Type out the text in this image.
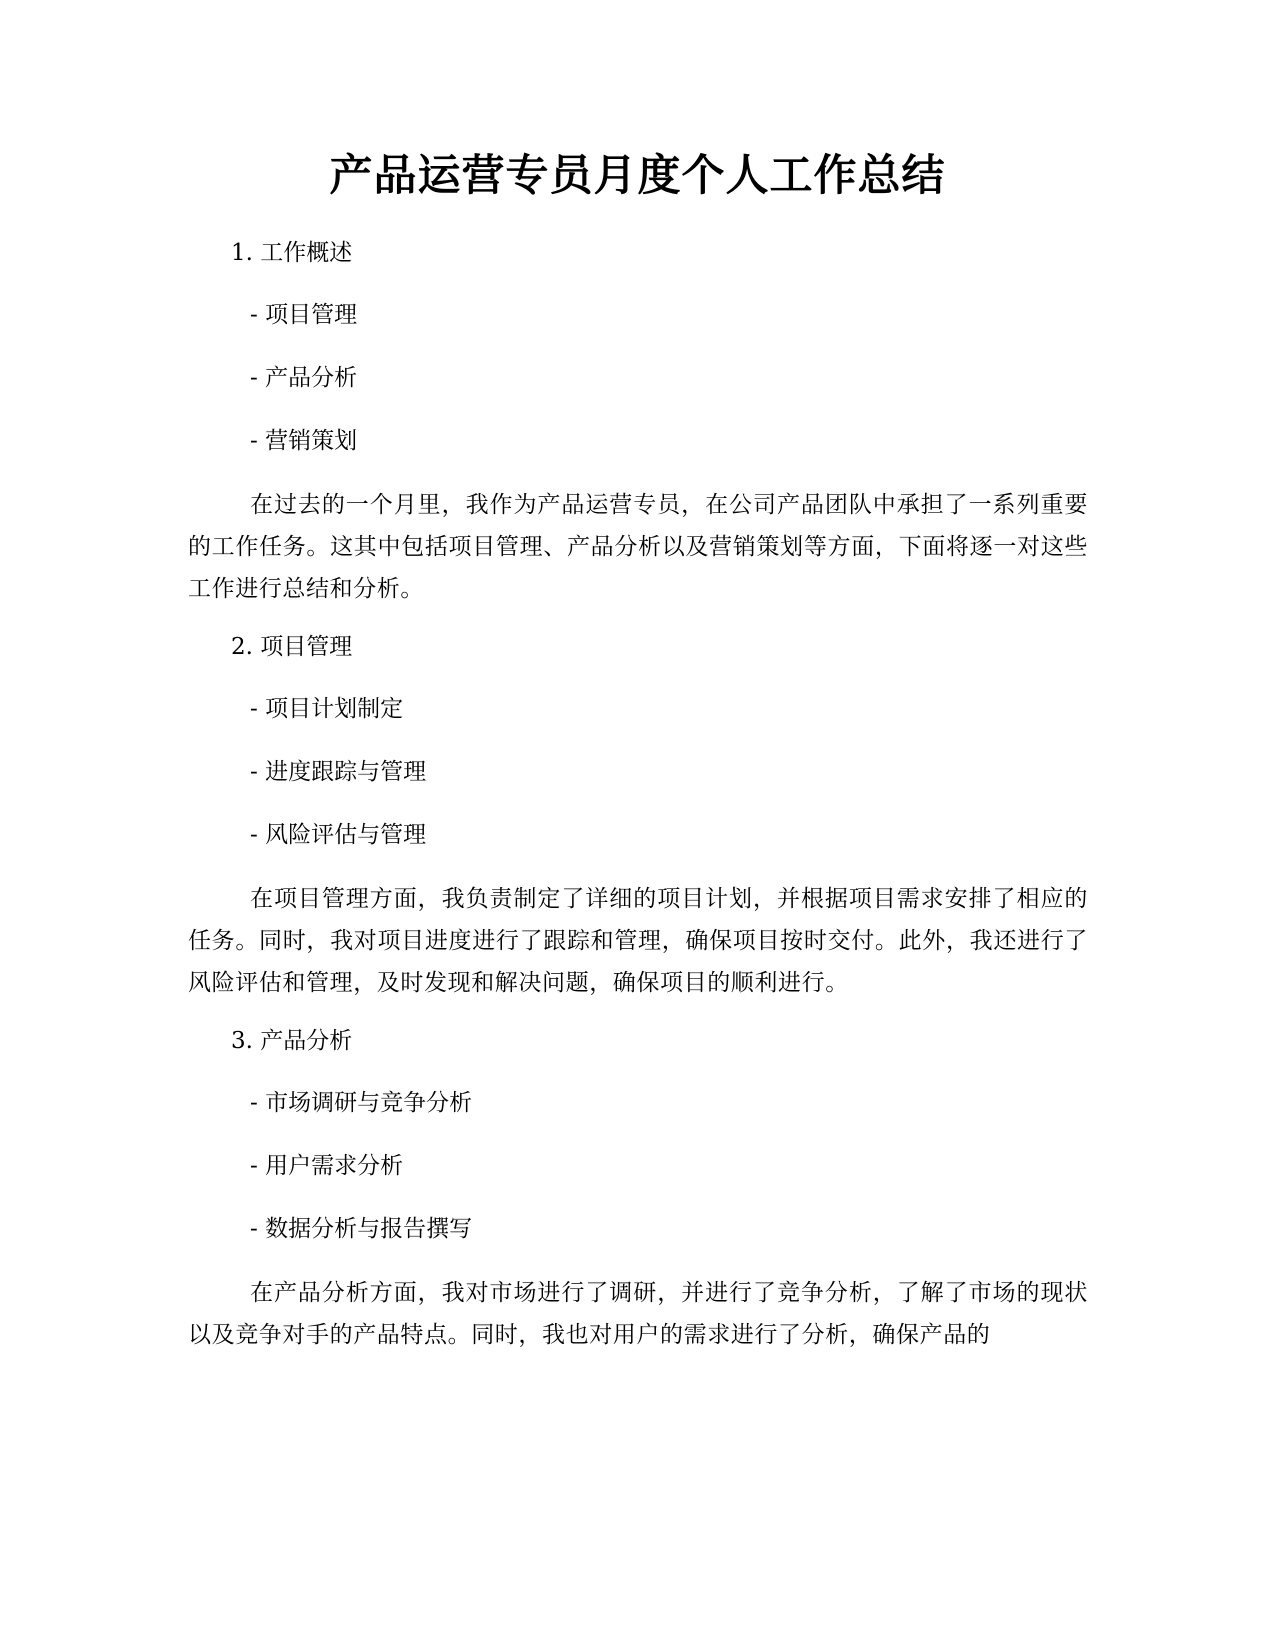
产品运营专员月度个人工作总结
1. 工作概述
- 项目管理
- 产品分析
- 营销策划
在过去的一个月里，我作为产品运营专员，在公司产品团队中承担了一系列重要的工作任务。这其中包括项目管理、产品分析以及营销策划等方面，下面将逐一对这些工作进行总结和分析。
2. 项目管理
- 项目计划制定
- 进度跟踪与管理
- 风险评估与管理
在项目管理方面，我负责制定了详细的项目计划，并根据项目需求安排了相应的任务。同时，我对项目进度进行了跟踪和管理，确保项目按时交付。此外，我还进行了风险评估和管理，及时发现和解决问题，确保项目的顺利进行。
3. 产品分析
- 市场调研与竞争分析
- 用户需求分析
- 数据分析与报告撰写
在产品分析方面，我对市场进行了调研，并进行了竞争分析，了解了市场的现状以及竞争对手的产品特点。同时，我也对用户的需求进行了分析，确保产品的
